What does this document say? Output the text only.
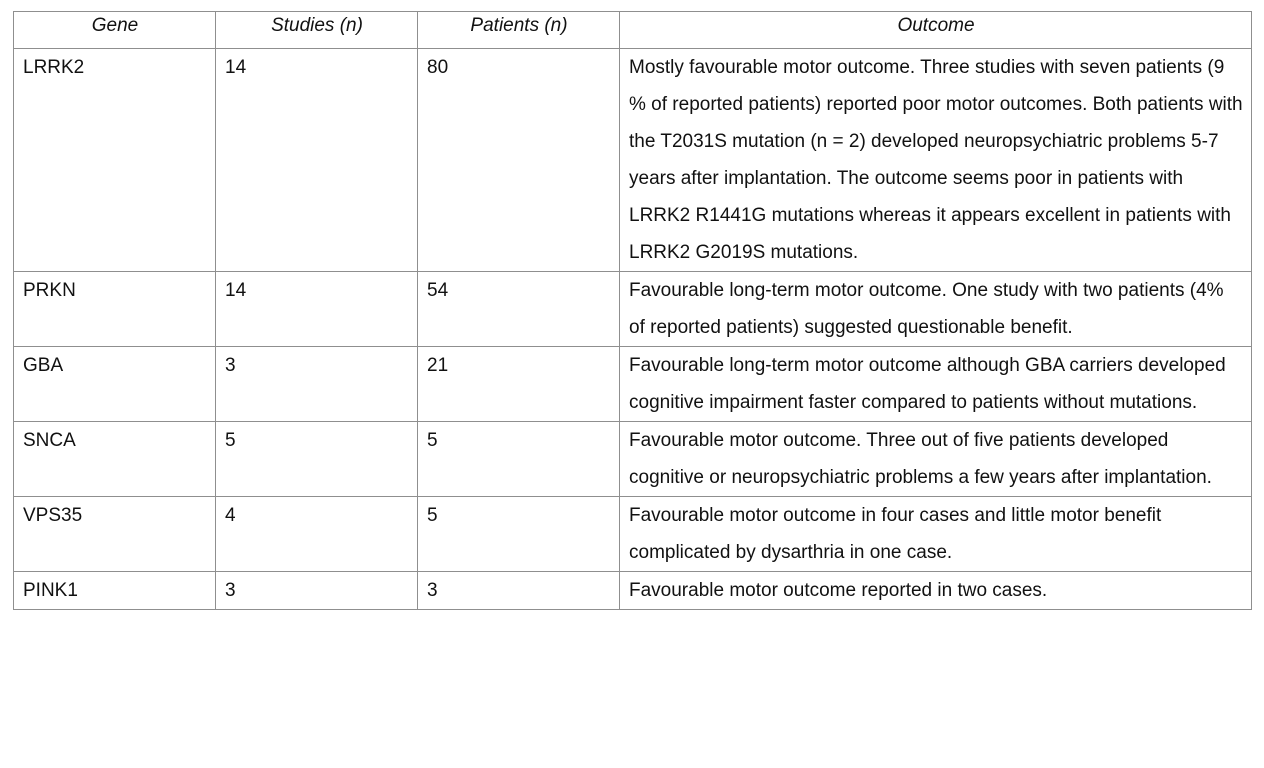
Gene	Studies (n)	Patients (n)	Outcome
LRRK2	14	80	Mostly favourable motor outcome. Three studies with seven patients (9 % of reported patients) reported poor motor outcomes. Both patients with the T2031S mutation (n = 2) developed neuropsychiatric problems 5-7 years after implantation. The outcome seems poor in patients with LRRK2 R1441G mutations whereas it appears excellent in patients with LRRK2 G2019S mutations.
PRKN	14	54	Favourable long-term motor outcome. One study with two patients (4% of reported patients) suggested questionable benefit.
GBA	3	21	Favourable long-term motor outcome although GBA carriers developed cognitive impairment faster compared to patients without mutations.
SNCA	5	5	Favourable motor outcome. Three out of five patients developed cognitive or neuropsychiatric problems a few years after implantation.
VPS35	4	5	Favourable motor outcome in four cases and little motor benefit complicated by dysarthria in one case.
PINK1	3	3	Favourable motor outcome reported in two cases.
